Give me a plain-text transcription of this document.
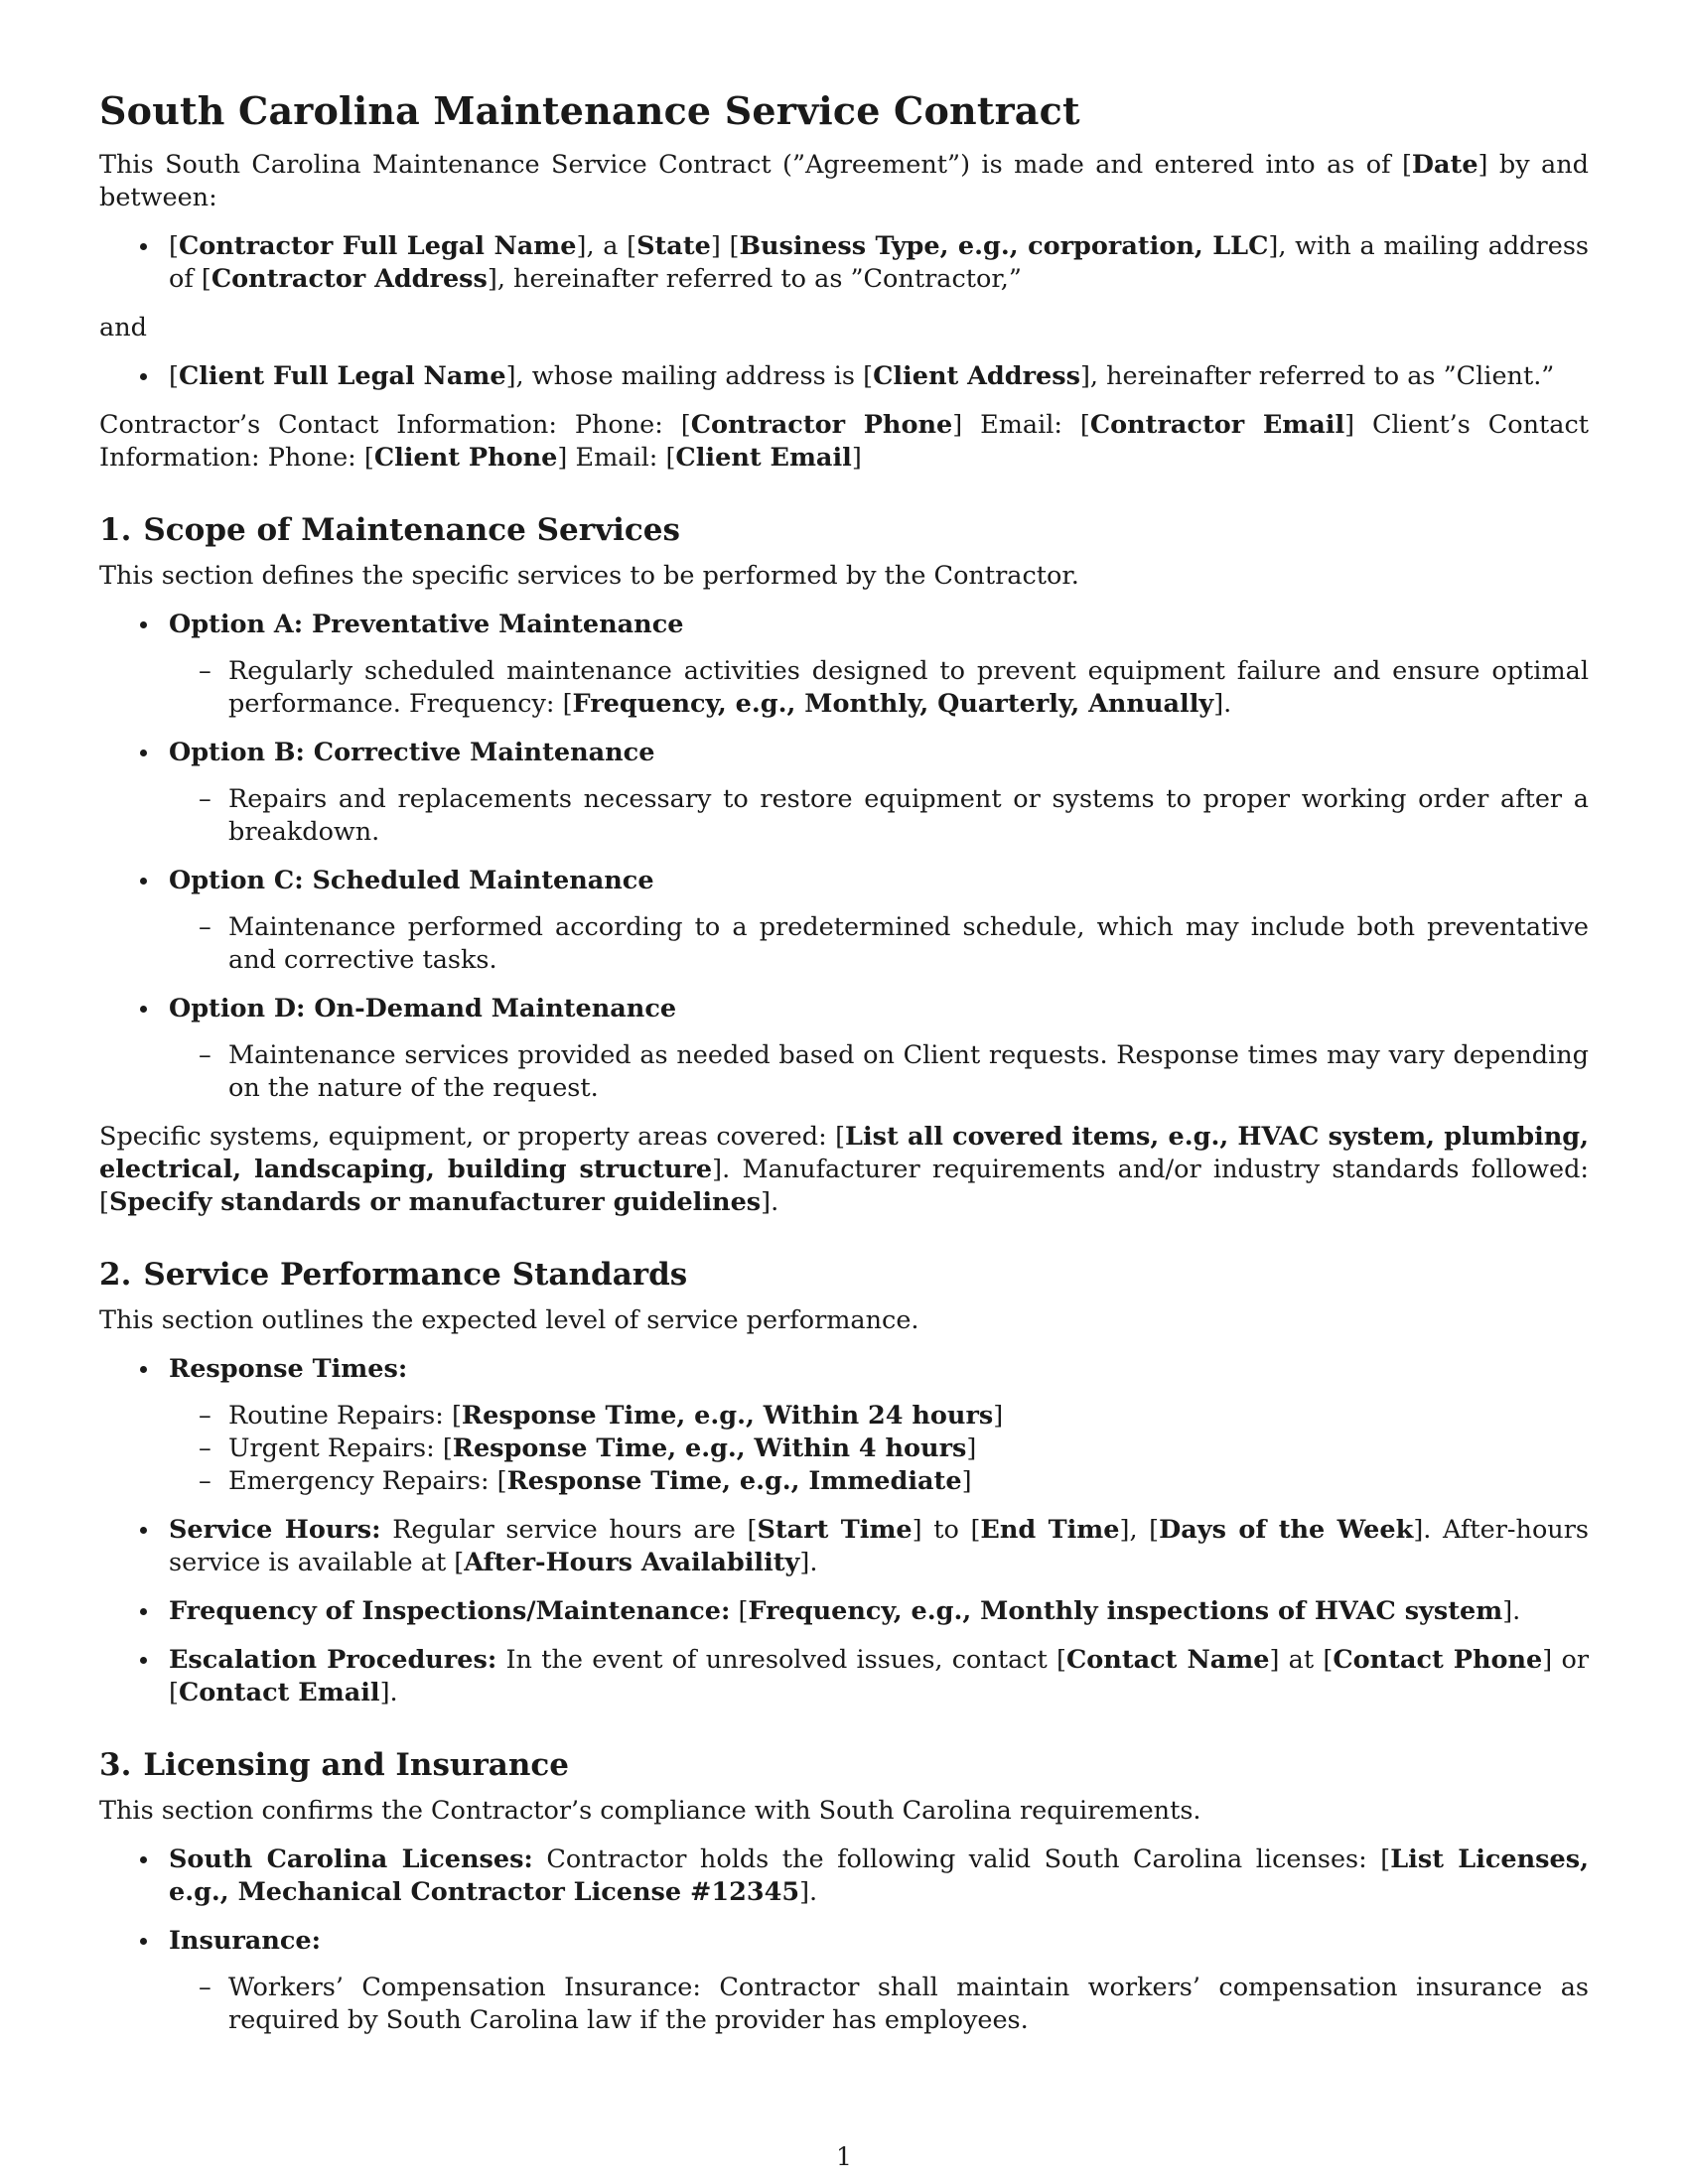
South Carolina Maintenance Service Contract

This South Carolina Maintenance Service Contract (”Agreement”) is made and entered into as of [Date] by and between:

[Contractor Full Legal Name], a [State] [Business Type, e.g., corporation, LLC], with a mailing address of [Contractor Address], hereinafter referred to as ”Contractor,”

and

[Client Full Legal Name], whose mailing address is [Client Address], hereinafter referred to as ”Client.”

Contractor’s Contact Information: Phone: [Contractor Phone] Email: [Contractor Email] Client’s Contact Information: Phone: [Client Phone] Email: [Client Email]

1. Scope of Maintenance Services

This section defines the specific services to be performed by the Contractor.

Option A: Preventative Maintenance
– Regularly scheduled maintenance activities designed to prevent equipment failure and ensure optimal performance. Frequency: [Frequency, e.g., Monthly, Quarterly, Annually].
Option B: Corrective Maintenance
– Repairs and replacements necessary to restore equipment or systems to proper working order after a breakdown.
Option C: Scheduled Maintenance
– Maintenance performed according to a predetermined schedule, which may include both preventative and corrective tasks.
Option D: On-Demand Maintenance
– Maintenance services provided as needed based on Client requests. Response times may vary depending on the nature of the request.

Specific systems, equipment, or property areas covered: [List all covered items, e.g., HVAC system, plumbing, electrical, landscaping, building structure]. Manufacturer requirements and/or industry standards followed: [Specify standards or manufacturer guidelines].

2. Service Performance Standards

This section outlines the expected level of service performance.

Response Times:
– Routine Repairs: [Response Time, e.g., Within 24 hours]
– Urgent Repairs: [Response Time, e.g., Within 4 hours]
– Emergency Repairs: [Response Time, e.g., Immediate]
Service Hours: Regular service hours are [Start Time] to [End Time], [Days of the Week]. After-hours service is available at [After-Hours Availability].
Frequency of Inspections/Maintenance: [Frequency, e.g., Monthly inspections of HVAC system].
Escalation Procedures: In the event of unresolved issues, contact [Contact Name] at [Contact Phone] or [Contact Email].
3. Licensing and Insurance

This section confirms the Contractor’s compliance with South Carolina requirements.

South Carolina Licenses: Contractor holds the following valid South Carolina licenses: [List Licenses, e.g., Mechanical Contractor License #12345].
Insurance:
– Workers’ Compensation Insurance: Contractor shall maintain workers’ compensation insurance as required by South Carolina law if the provider has employees.
1
